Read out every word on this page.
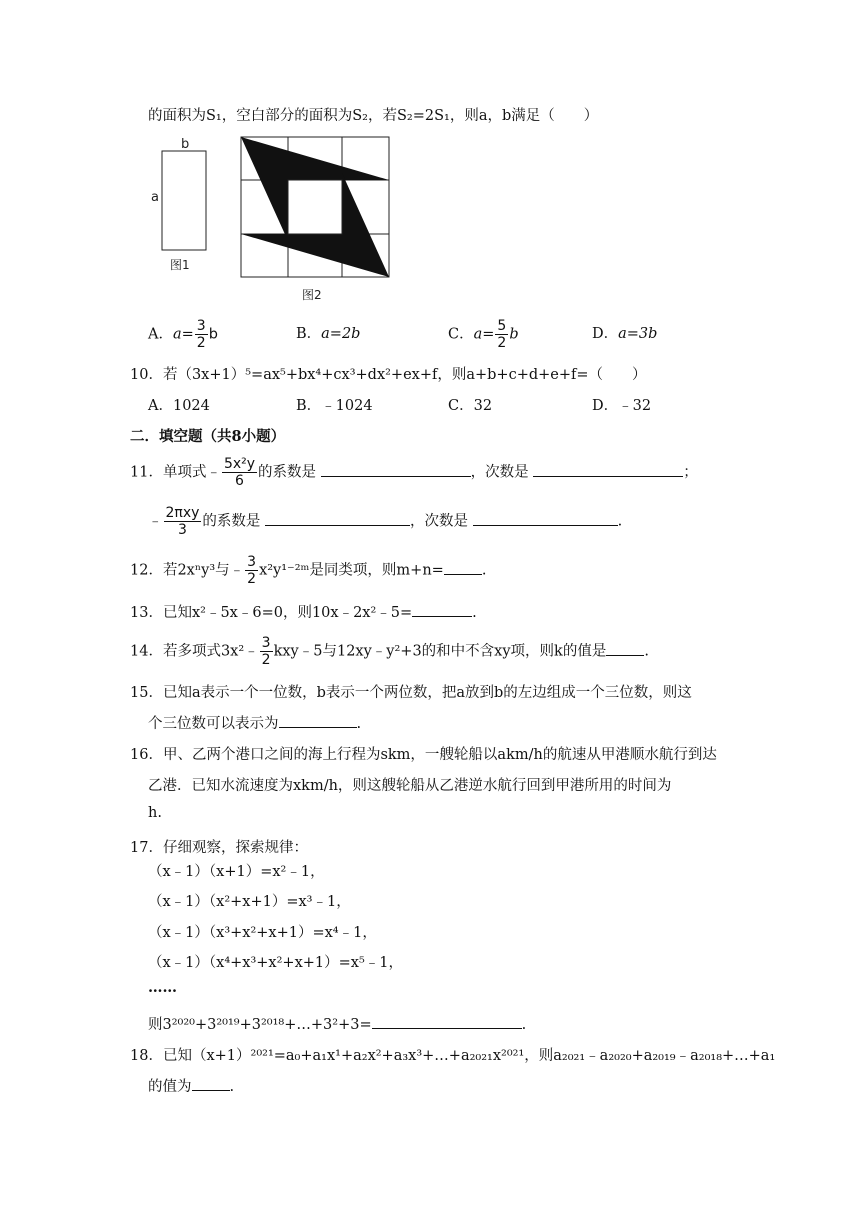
的面积为S₁，空白部分的面积为S₂，若S₂=2S₁，则a，b满足（　　）
b
a
图1
图2
A．$a= \frac{3}{2}$ b	B．a=2b	C．$a= \frac{5}{2}$ b	D．a=3b
10．若（3x+1）⁵=ax⁵+bx⁴+cx³+dx²+ex+f，则a+b+c+d+e+f=（　　）
A．1024	B．﹣1024	C．32	D．﹣32
二．填空题（共8小题）
11．单项式﹣ $\frac{\text{5x²y}}{6}$ 的系数是	，次数是	；
﹣ $\frac{\text{2πxy}}{3}$ 的系数是	，次数是	.
12．若2xⁿy³与﹣ $\frac{3}{2}$ x²y¹⁻²ᵐ是同类项，则m+n=	.
13．已知x²﹣5x﹣6=0，则10x﹣2x²﹣5=	.
14．若多项式3x²﹣ $\frac{3}{2}$ kxy﹣5与12xy﹣y²+3的和中不含xy项，则k的值是	.
15．已知a表示一个一位数，b表示一个两位数，把a放到b的左边组成一个三位数，则这
个三位数可以表示为	.
16．甲、乙两个港口之间的海上行程为skm，一艘轮船以akm/h的航速从甲港顺水航行到达
乙港．已知水流速度为xkm/h，则这艘轮船从乙港逆水航行回到甲港所用的时间为
h.
17．仔细观察，探索规律：
（x﹣1）（x+1）=x²﹣1，
（x﹣1）（x²+x+1）=x³﹣1，
（x﹣1）（x³+x²+x+1）=x⁴﹣1，
（x﹣1）（x⁴+x³+x²+x+1）=x⁵﹣1，
……
则3²⁰²⁰+3²⁰¹⁹+3²⁰¹⁸+…+3²+3=	.
18．已知（x+1）²⁰²¹=a₀+a₁x¹+a₂x²+a₃x³+…+a₂₀₂₁x²⁰²¹，则a₂₀₂₁﹣a₂₀₂₀+a₂₀₁₉﹣a₂₀₁₈+…+a₁
的值为	.
